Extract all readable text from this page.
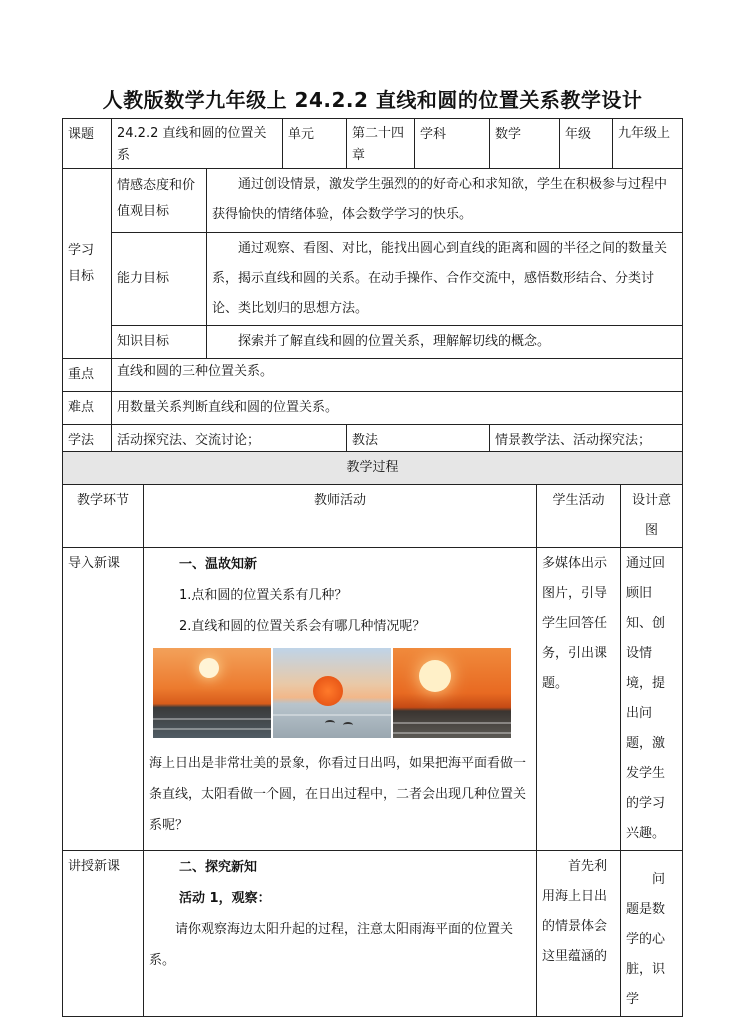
人教版数学九年级上 24.2.2 直线和圆的位置关系教学设计
课题	24.2.2 直线和圆的位置关系		单元	第二十四章	学科	数学	年级	九年级上
学习目标	情感态度和价值观目标	通过创设情景，激发学生强烈的的好奇心和求知欲，学生在积极参与过程中获得愉快的情绪体验，体会数学学习的快乐。						
	能力目标	通过观察、看图、对比，能找出圆心到直线的距离和圆的半径之间的数量关系，揭示直线和圆的关系。在动手操作、合作交流中，感悟数形结合、分类讨论、类比划归的思想方法。						
	知识目标	探索并了解直线和圆的位置关系，理解解切线的概念。						
重点	直线和圆的三种位置关系。							
难点	用数量关系判断直线和圆的位置关系。							
学法	活动探究法、交流讨论；			教法		情景教学法、活动探究法；		
教学过程			
教学环节	教师活动	学生活动	设计意图
导入新课	一、温故知新
1.点和圆的位置关系有几种？
2.直线和圆的位置关系会有哪几种情况呢？
海上日出是非常壮美的景象，你看过日出吗，如果把海平面看做一条直线，太阳看做一个圆，在日出过程中，二者会出现几种位置关系呢？	多媒体出示图片，引导学生回答任务，引出课题。	通过回顾旧知、创设情境，提出问题，激发学生的学习兴趣。
讲授新课	二、探究新知
活动 1，观察：
请你观察海边太阳升起的过程，注意太阳雨海平面的位置关系。	首先利用海上日出的情景体会这里蕴涵的	问题是数学的心脏，识学
